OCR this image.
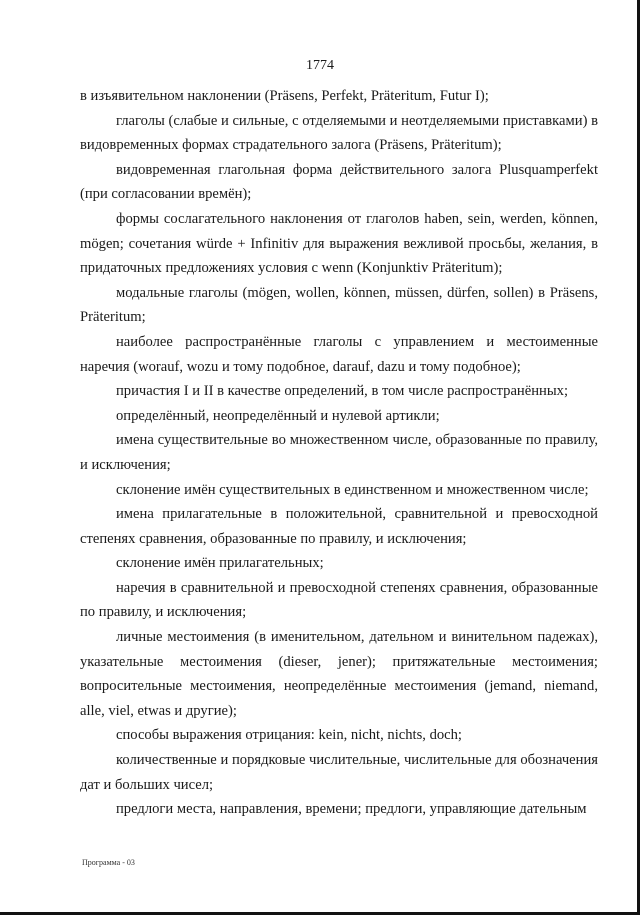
1774

в изъявительном наклонении (Präsens, Perfekt, Präteritum, Futur I);

глаголы (слабые и сильные, с отделяемыми и неотделяемыми приставками) в видовременных формах страдательного залога (Präsens, Präteritum);

видовременная глагольная форма действительного залога Plusquamperfekt (при согласовании времён);

формы сослагательного наклонения от глаголов haben, sein, werden, können, mögen; сочетания würde + Infinitiv для выражения вежливой просьбы, желания, в придаточных предложениях условия с wenn (Konjunktiv Präteritum);

модальные глаголы (mögen, wollen, können, müssen, dürfen, sollen) в Präsens, Präteritum;

наиболее распространённые глаголы с управлением и местоименные наречия (worauf, wozu и тому подобное, darauf, dazu и тому подобное);

причастия I и II в качестве определений, в том числе распространённых;

определённый, неопределённый и нулевой артикли;

имена существительные во множественном числе, образованные по правилу, и исключения;

склонение имён существительных в единственном и множественном числе;

имена прилагательные в положительной, сравнительной и превосходной степенях сравнения, образованные по правилу, и исключения;

склонение имён прилагательных;

наречия в сравнительной и превосходной степенях сравнения, образованные по правилу, и исключения;

личные местоимения (в именительном, дательном и винительном падежах), указательные местоимения (dieser, jener); притяжательные местоимения; вопросительные местоимения, неопределённые местоимения (jemand, niemand, alle, viel, etwas и другие);

способы выражения отрицания: kein, nicht, nichts, doch;

количественные и порядковые числительные, числительные для обозначения дат и больших чисел;

предлоги места, направления, времени; предлоги, управляющие дательным

Программа - 03
